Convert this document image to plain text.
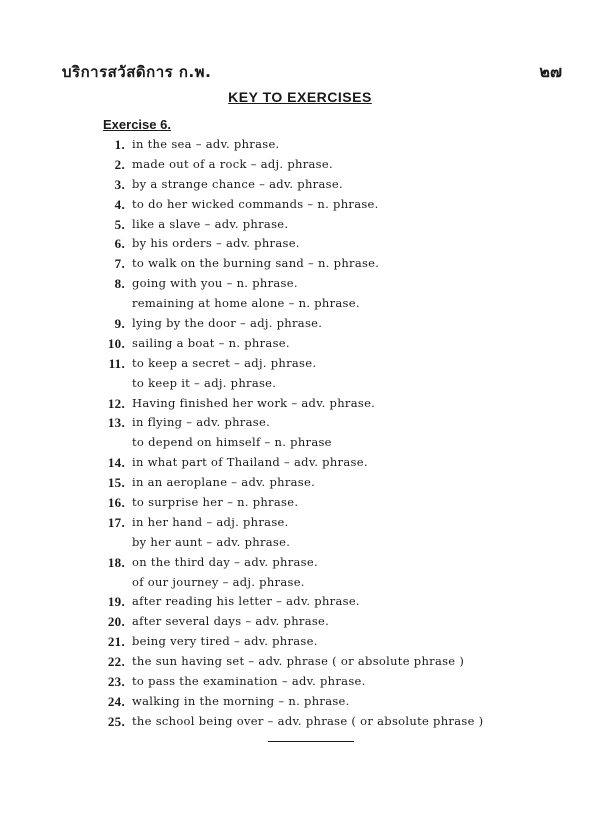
บริการสวัสดิการ ก.พ.	๒๗
KEY TO EXERCISES
Exercise 6.
1. in the sea – adv. phrase.
2. made out of a rock – adj. phrase.
3. by a strange chance – adv. phrase.
4. to do her wicked commands – n. phrase.
5. like a slave – adv. phrase.
6. by his orders – adv. phrase.
7. to walk on the burning sand – n. phrase.
8. going with you – n. phrase.
remaining at home alone – n. phrase.
9. lying by the door – adj. phrase.
10. sailing a boat – n. phrase.
11. to keep a secret – adj. phrase.
to keep it – adj. phrase.
12. Having finished her work – adv. phrase.
13. in flying – adv. phrase.
to depend on himself – n. phrase
14. in what part of Thailand – adv. phrase.
15. in an aeroplane – adv. phrase.
16. to surprise her – n. phrase.
17. in her hand – adj. phrase.
by her aunt – adv. phrase.
18. on the third day – adv. phrase.
of our journey – adj. phrase.
19. after reading his letter – adv. phrase.
20. after several days – adv. phrase.
21. being very tired – adv. phrase.
22. the sun having set – adv. phrase ( or absolute phrase )
23. to pass the examination – adv. phrase.
24. walking in the morning – n. phrase.
25. the school being over – adv. phrase ( or absolute phrase )
